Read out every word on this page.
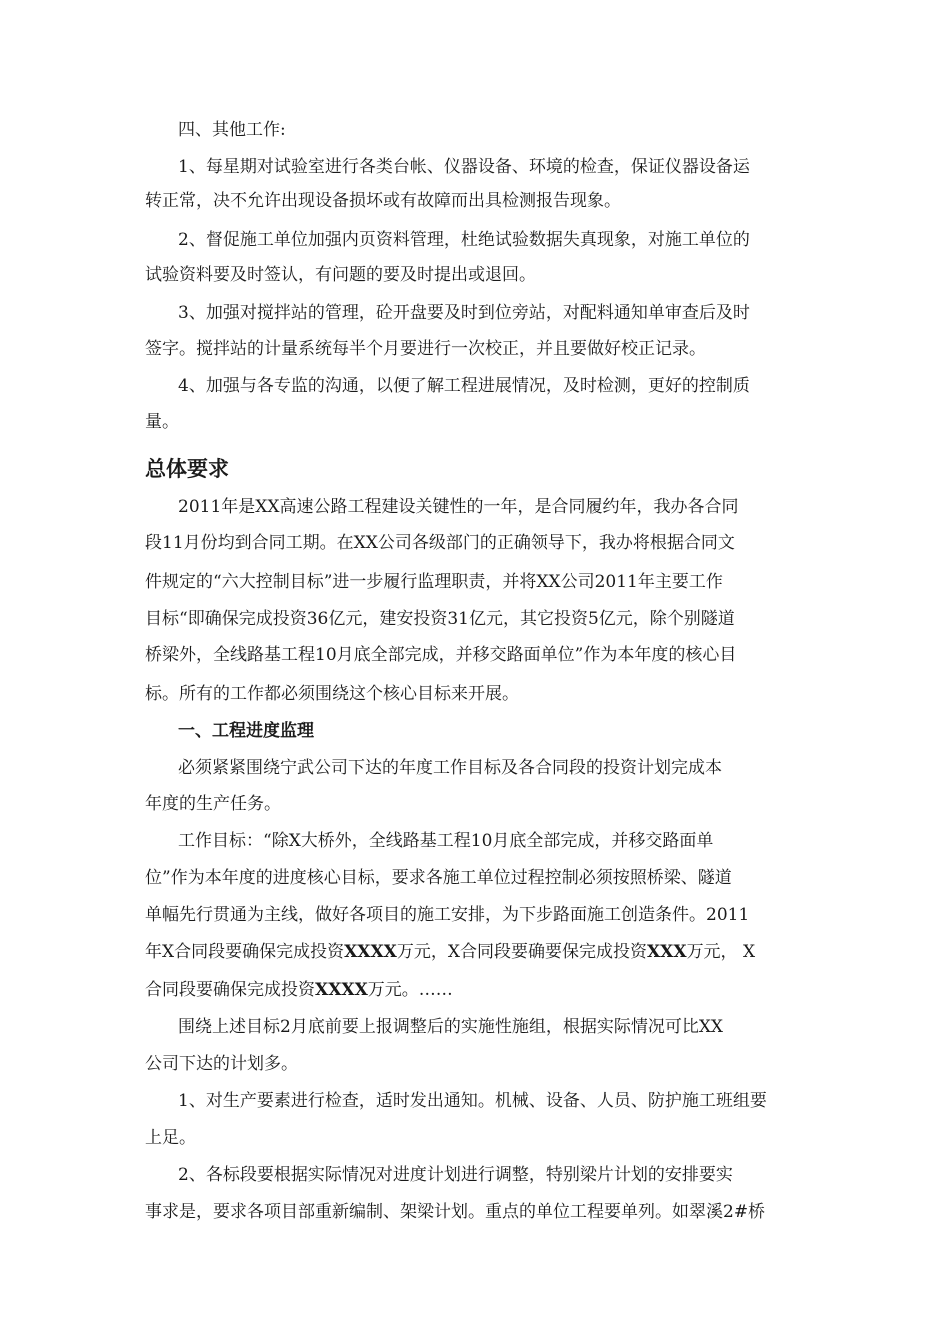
四、其他工作:
1、每星期对试验室进行各类台帐、仪器设备、环境的检查，保证仪器设备运
转正常，决不允许出现设备损坏或有故障而出具检测报告现象。
2、督促施工单位加强内页资料管理，杜绝试验数据失真现象，对施工单位的
试验资料要及时签认，有问题的要及时提出或退回。
3、加强对搅拌站的管理，砼开盘要及时到位旁站，对配料通知单审查后及时
签字。搅拌站的计量系统每半个月要进行一次校正，并且要做好校正记录。
4、加强与各专监的沟通，以便了解工程进展情况，及时检测，更好的控制质
量。
总体要求
2011年是XX高速公路工程建设关键性的一年，是合同履约年，我办各合同
段11月份均到合同工期。在XX公司各级部门的正确领导下，我办将根据合同文
件规定的“六大控制目标”进一步履行监理职责，并将XX公司2011年主要工作
目标“即确保完成投资36亿元，建安投资31亿元，其它投资5亿元，除个别隧道
桥梁外，全线路基工程10月底全部完成，并移交路面单位”作为本年度的核心目
标。所有的工作都必须围绕这个核心目标来开展。
一、工程进度监理
必须紧紧围绕宁武公司下达的年度工作目标及各合同段的投资计划完成本
年度的生产任务。
工作目标：“除X大桥外，全线路基工程10月底全部完成，并移交路面单
位”作为本年度的进度核心目标，要求各施工单位过程控制必须按照桥梁、隧道
单幅先行贯通为主线，做好各项目的施工安排，为下步路面施工创造条件。2011
年X合同段要确保完成投资XXXX万元，X合同段要确要保完成投资XXX万元， X
合同段要确保完成投资XXXX万元。……
围绕上述目标2月底前要上报调整后的实施性施组，根据实际情况可比XX
公司下达的计划多。
1、对生产要素进行检查，适时发出通知。机械、设备、人员、防护施工班组要
上足。
2、各标段要根据实际情况对进度计划进行调整，特别梁片计划的安排要实
事求是，要求各项目部重新编制、架梁计划。重点的单位工程要单列。如翠溪2#桥
